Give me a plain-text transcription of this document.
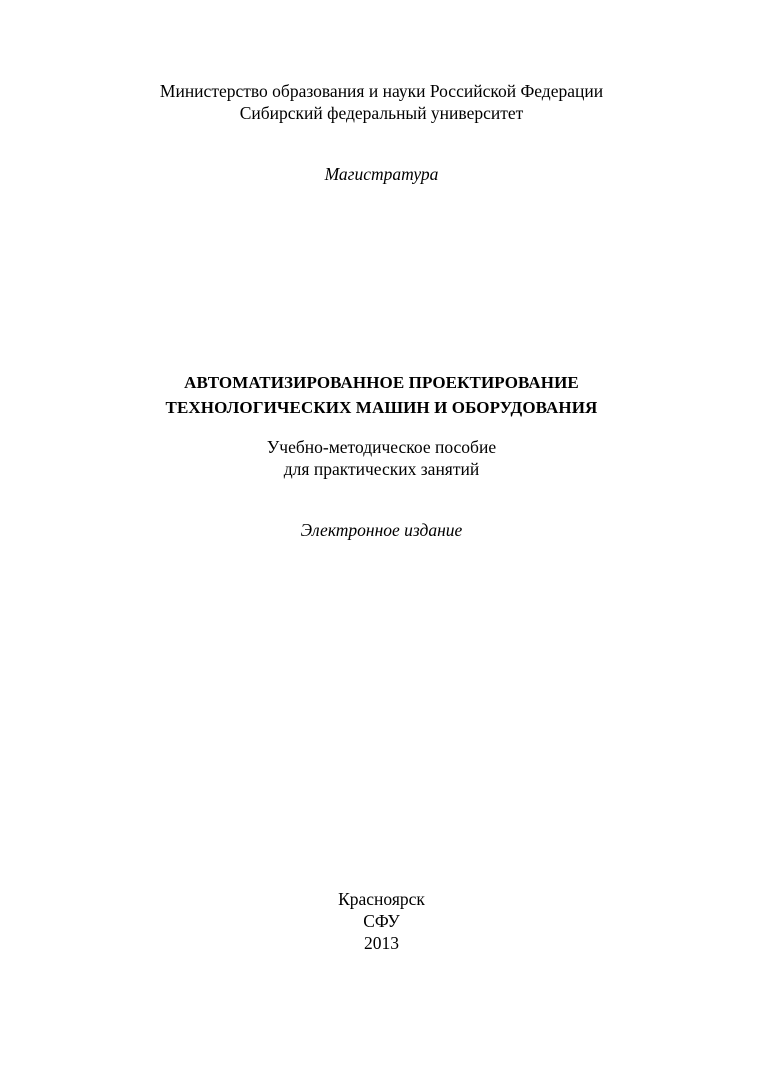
Министерство образования и науки Российской Федерации
Сибирский федеральный университет
Магистратура
АВТОМАТИЗИРОВАННОЕ ПРОЕКТИРОВАНИЕ
ТЕХНОЛОГИЧЕСКИХ МАШИН И ОБОРУДОВАНИЯ
Учебно-методическое пособие
для практических занятий
Электронное издание
Красноярск
СФУ
2013
